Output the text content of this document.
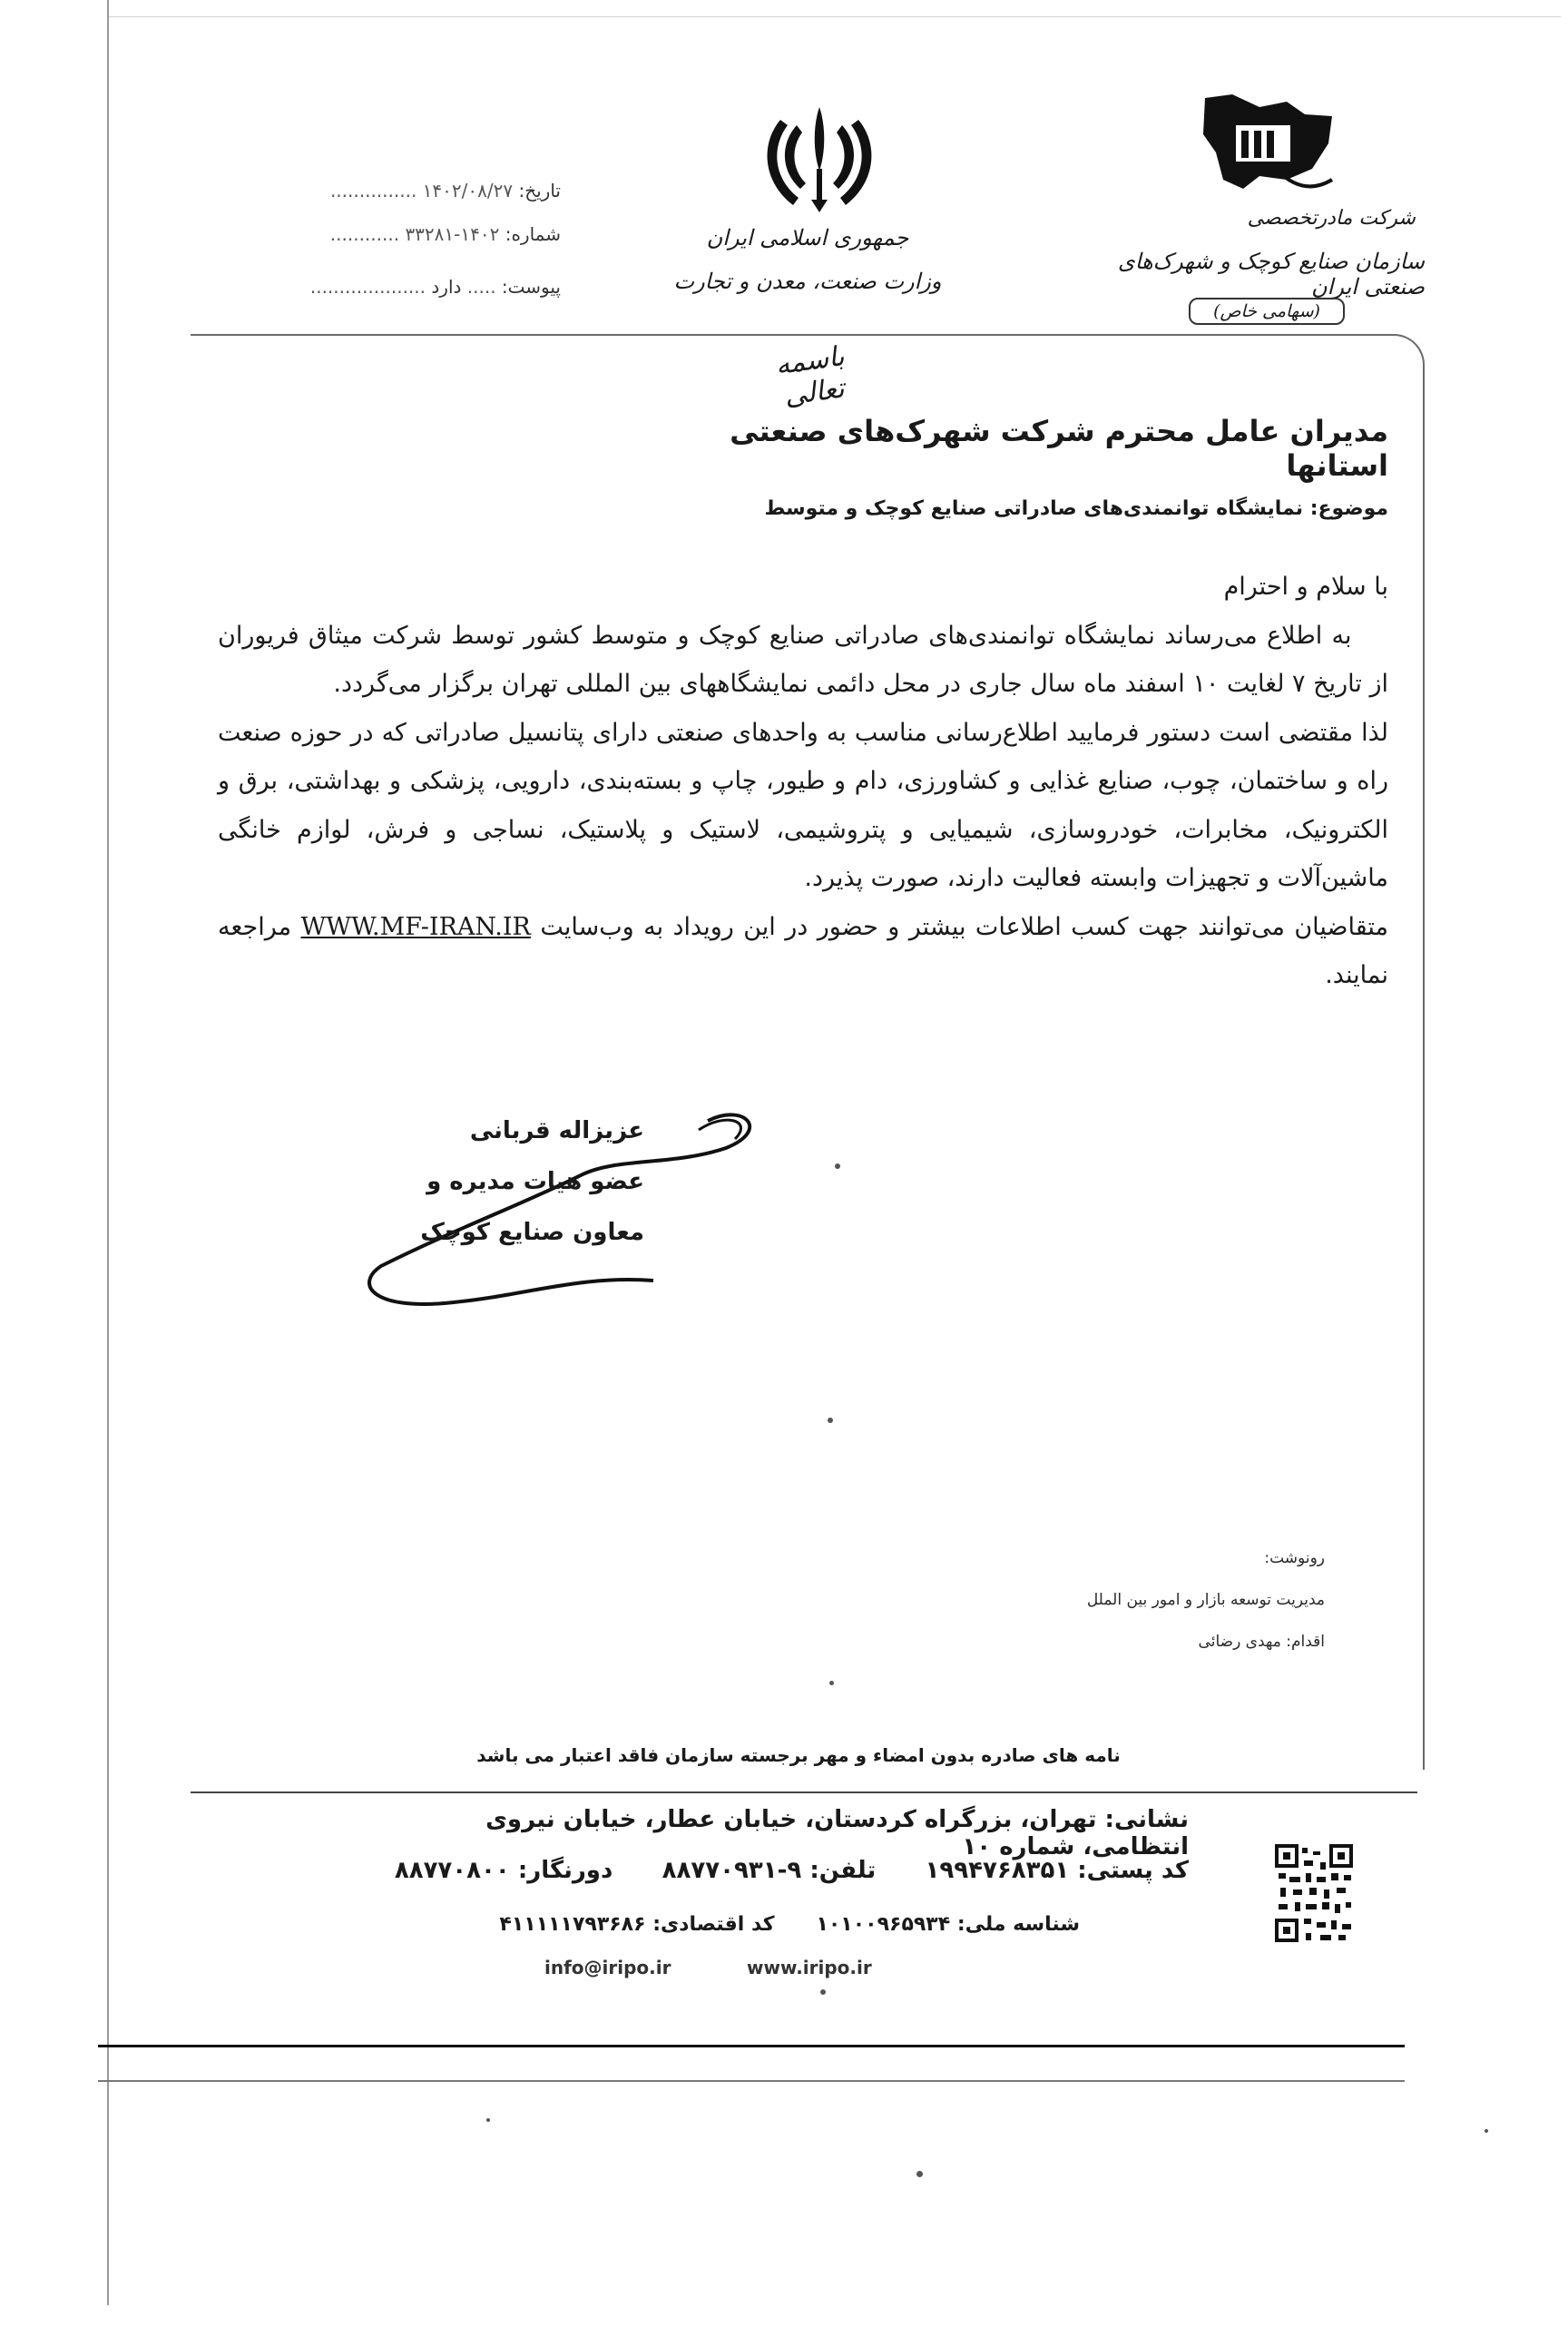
تاریخ: ۱۴۰۲/۰۸/۲۷ ...............
شماره: ۱۴۰۲-۳۳۲۸۱ ............
پیوست: ..... دارد ....................
جمهوری اسلامی ایران
وزارت صنعت، معدن و تجارت
شرکت مادرتخصصی
سازمان صنایع کوچک و شهرک‌های صنعتی ایران
(سهامی خاص)
باسمه تعالی
مدیران عامل محترم شرکت شهرک‌های صنعتی استانها
موضوع: نمایشگاه توانمندی‌های صادراتی صنایع کوچک و متوسط

با سلام و احترام

به اطلاع می‌رساند نمایشگاه توانمندی‌های صادراتی صنایع کوچک و متوسط کشور توسط شرکت میثاق فریوران از تاریخ ۷ لغایت ۱۰ اسفند ماه سال جاری در محل دائمی نمایشگاههای بین المللی تهران برگزار می‌گردد.

لذا مقتضی است دستور فرمایید اطلاع‌رسانی مناسب به واحدهای صنعتی دارای پتانسیل صادراتی که در حوزه صنعت راه و ساختمان، چوب، صنایع غذایی و کشاورزی، دام و طیور، چاپ و بسته‌بندی، دارویی، پزشکی و بهداشتی، برق و الکترونیک، مخابرات، خودروسازی، شیمیایی و پتروشیمی، لاستیک و پلاستیک، نساجی و فرش، لوازم خانگی ماشین‌آلات و تجهیزات وابسته فعالیت دارند، صورت پذیرد.

متقاضیان می‌توانند جهت کسب اطلاعات بیشتر و حضور در این رویداد به وب‌سایت WWW.MF-IRAN.IR مراجعه نمایند.

عزیزاله قربانی
عضو هیات مدیره و
معاون صنایع کوچک
رونوشت:
مدیریت توسعه بازار و امور بین الملل
اقدام: مهدی رضائی
نامه های صادره بدون امضاء و مهر برجسته سازمان فاقد اعتبار می باشد
نشانی: تهران، بزرگراه کردستان، خیابان عطار، خیابان نیروی انتظامی، شماره ۱۰
کد پستی: ۱۹۹۴۷۶۸۳۵۱      تلفن: ۹-۸۸۷۷۰۹۳۱      دورنگار: ۸۸۷۷۰۸۰۰
شناسه ملی: ۱۰۱۰۰۹۶۵۹۳۴      کد اقتصادی: ۴۱۱۱۱۱۷۹۳۶۸۶
info@iripo.ir	www.iripo.ir
